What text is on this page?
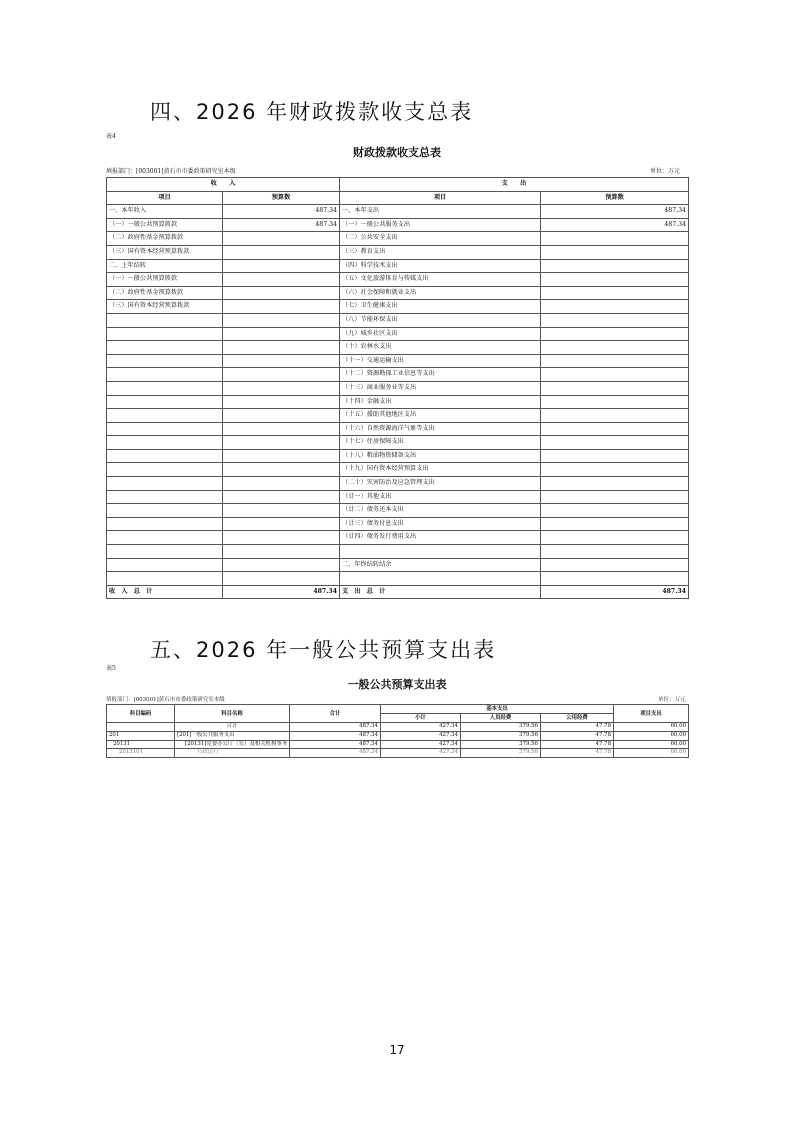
四、2026 年财政拨款收支总表
表4
财政拨款收支总表
填报部门：[003001]黄石市市委政策研究室本级	单位：万元
收　　入		支　　出	
项目	预算数	项目	预算数
一、本年收入	487.34	一、本年支出	487.34
（一）一般公共预算拨款	487.34	（一）一般公共服务支出	487.34
（二）政府性基金预算拨款		（二）公共安全支出	
（三）国有资本经营预算拨款		（三）教育支出	
二、上年结转		（四）科学技术支出	
（一）一般公共预算拨款		（五）文化旅游体育与传媒支出	
（二）政府性基金预算拨款		（六）社会保障和就业支出	
（三）国有资本经营预算拨款		（七）卫生健康支出	
		（八）节能环保支出	
		（九）城乡社区支出	
		（十）农林水支出	
		（十一）交通运输支出	
		（十二）资源勘探工业信息等支出	
		（十三）商业服务业等支出	
		（十四）金融支出	
		（十五）援助其他地区支出	
		（十六）自然资源海洋气象等支出	
		（十七）住房保障支出	
		（十八）粮油物资储备支出	
		（十九）国有资本经营预算支出	
		（二十）灾害防治及应急管理支出	
		（廿一）其他支出	
		（廿二）债务还本支出	
		（廿三）债务付息支出	
		（廿四）债务发行费用支出	

		二、年终结转结余	

收　入　总　计	487.34	支　出　总　计	487.34
五、2026 年一般公共预算支出表
表5
一般公共预算支出表
填报部门：[003001]黄石市市委政策研究室本级	单位：万元
科目编码	科目名称	合计	基本支出			项目支出
			小计	人员经费	公用经费	
	合计	487.34	427.34	379.56	47.78	60.00
201	[201]一般公共服务支出	487.34	427.34	379.56	47.78	60.00
20131	[20131]党委办公厅（室）及相关机构事务	487.34	427.34	379.56	47.78	60.00
2013101	行政运行	487.34	427.34	379.56	47.78	60.00
17
